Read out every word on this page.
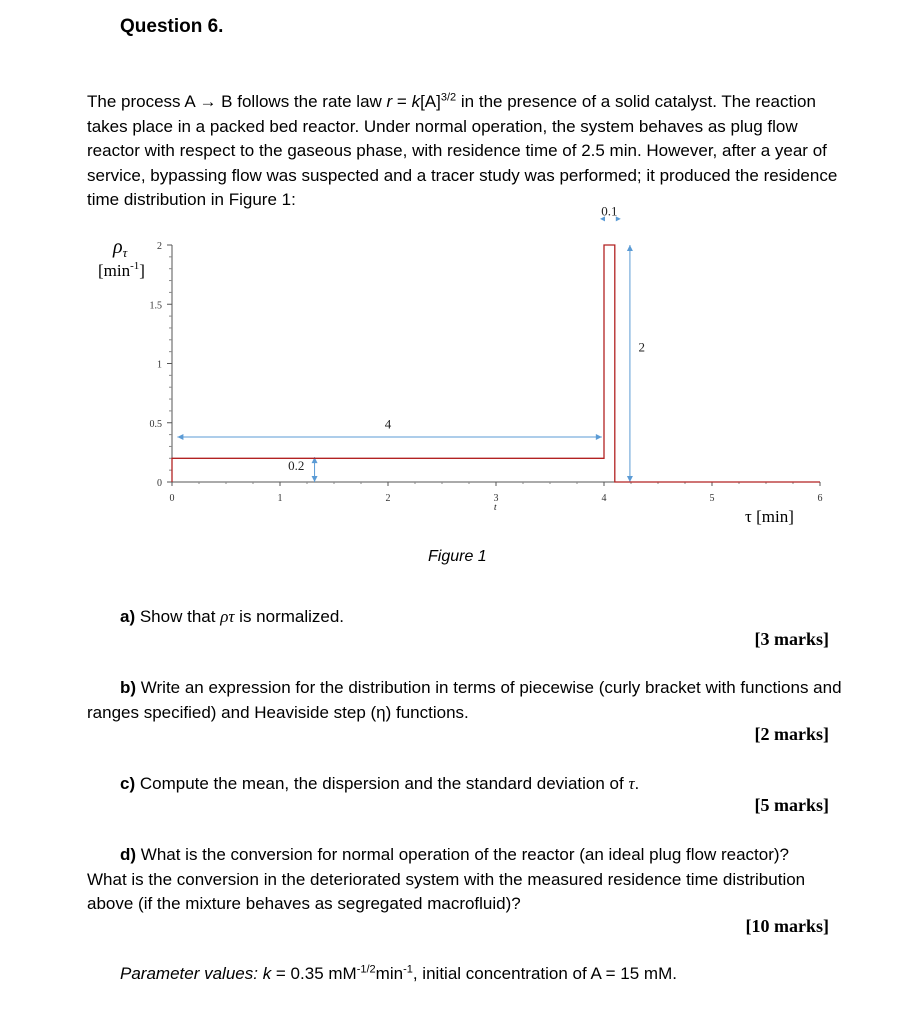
Question 6.
The process A → B follows the rate law $r = k[A]^{3/2}$ in the presence of a solid catalyst. The reaction takes place in a packed bed reactor. Under normal operation, the system behaves as plug flow reactor with respect to the gaseous phase, with residence time of 2.5 min. However, after a year of service, bypassing flow was suspected and a tracer study was performed; it produced the residence time distribution in Figure 1:
$\rho_\tau$
$[\min^{-1}]$
0	1	2	3	4	5	6
0
0.5
1
1.5
2
0.1
2
4
0.2
τ [min]
t
Figure 1
a) Show that ρτ is normalized.
[3 marks]
b) Write an expression for the distribution in terms of piecewise (curly bracket with functions and ranges specified) and Heaviside step (η) functions.
[2 marks]
c) Compute the mean, the dispersion and the standard deviation of τ.
[5 marks]
d) What is the conversion for normal operation of the reactor (an ideal plug flow reactor)? What is the conversion in the deteriorated system with the measured residence time distribution above (if the mixture behaves as segregated macrofluid)?
[10 marks]
Parameter values: k = 0.35 $mM^{-1/2}\min^{-1}$, initial concentration of A = 15 mM.
